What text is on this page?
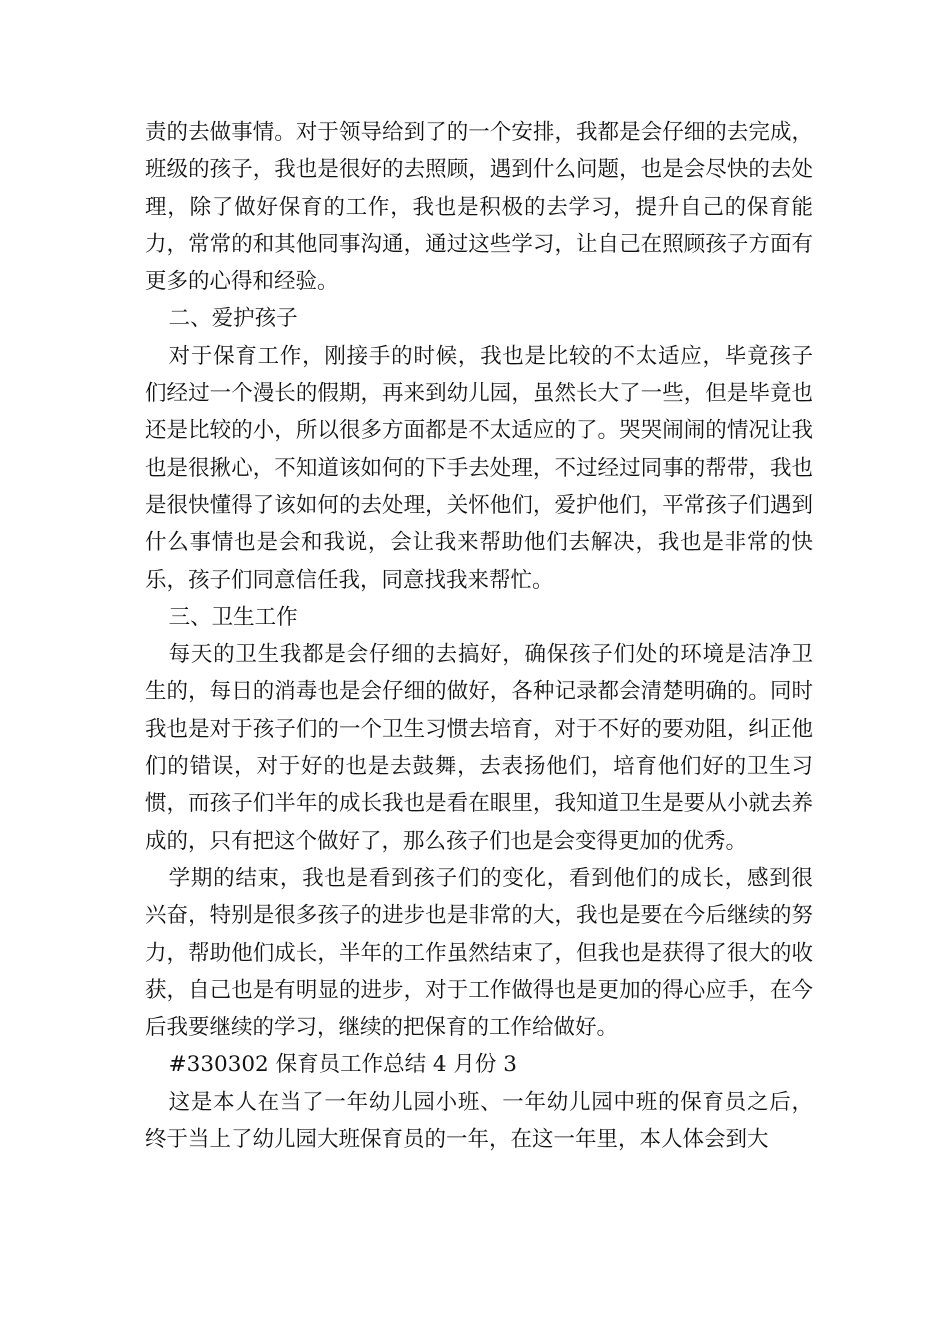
责的去做事情。对于领导给到了的一个安排，我都是会仔细的去完成，班级的孩子，我也是很好的去照顾，遇到什么问题，也是会尽快的去处理，除了做好保育的工作，我也是积极的去学习，提升自己的保育能力，常常的和其他同事沟通，通过这些学习，让自己在照顾孩子方面有更多的心得和经验。

二、爱护孩子

对于保育工作，刚接手的时候，我也是比较的不太适应，毕竟孩子们经过一个漫长的假期，再来到幼儿园，虽然长大了一些，但是毕竟也还是比较的小，所以很多方面都是不太适应的了。哭哭闹闹的情况让我也是很揪心，不知道该如何的下手去处理，不过经过同事的帮带，我也是很快懂得了该如何的去处理，关怀他们，爱护他们，平常孩子们遇到什么事情也是会和我说，会让我来帮助他们去解决，我也是非常的快乐，孩子们同意信任我，同意找我来帮忙。

三、卫生工作

每天的卫生我都是会仔细的去搞好，确保孩子们处的环境是洁净卫生的，每日的消毒也是会仔细的做好，各种记录都会清楚明确的。同时我也是对于孩子们的一个卫生习惯去培育，对于不好的要劝阻，纠正他们的错误，对于好的也是去鼓舞，去表扬他们，培育他们好的卫生习惯，而孩子们半年的成长我也是看在眼里，我知道卫生是要从小就去养成的，只有把这个做好了，那么孩子们也是会变得更加的优秀。

学期的结束，我也是看到孩子们的变化，看到他们的成长，感到很兴奋，特别是很多孩子的进步也是非常的大，我也是要在今后继续的努力，帮助他们成长，半年的工作虽然结束了，但我也是获得了很大的收获，自己也是有明显的进步，对于工作做得也是更加的得心应手，在今后我要继续的学习，继续的把保育的工作给做好。

#330302 保育员工作总结 4 月份 3

这是本人在当了一年幼儿园小班、一年幼儿园中班的保育员之后，终于当上了幼儿园大班保育员的一年，在这一年里，本人体会到大
